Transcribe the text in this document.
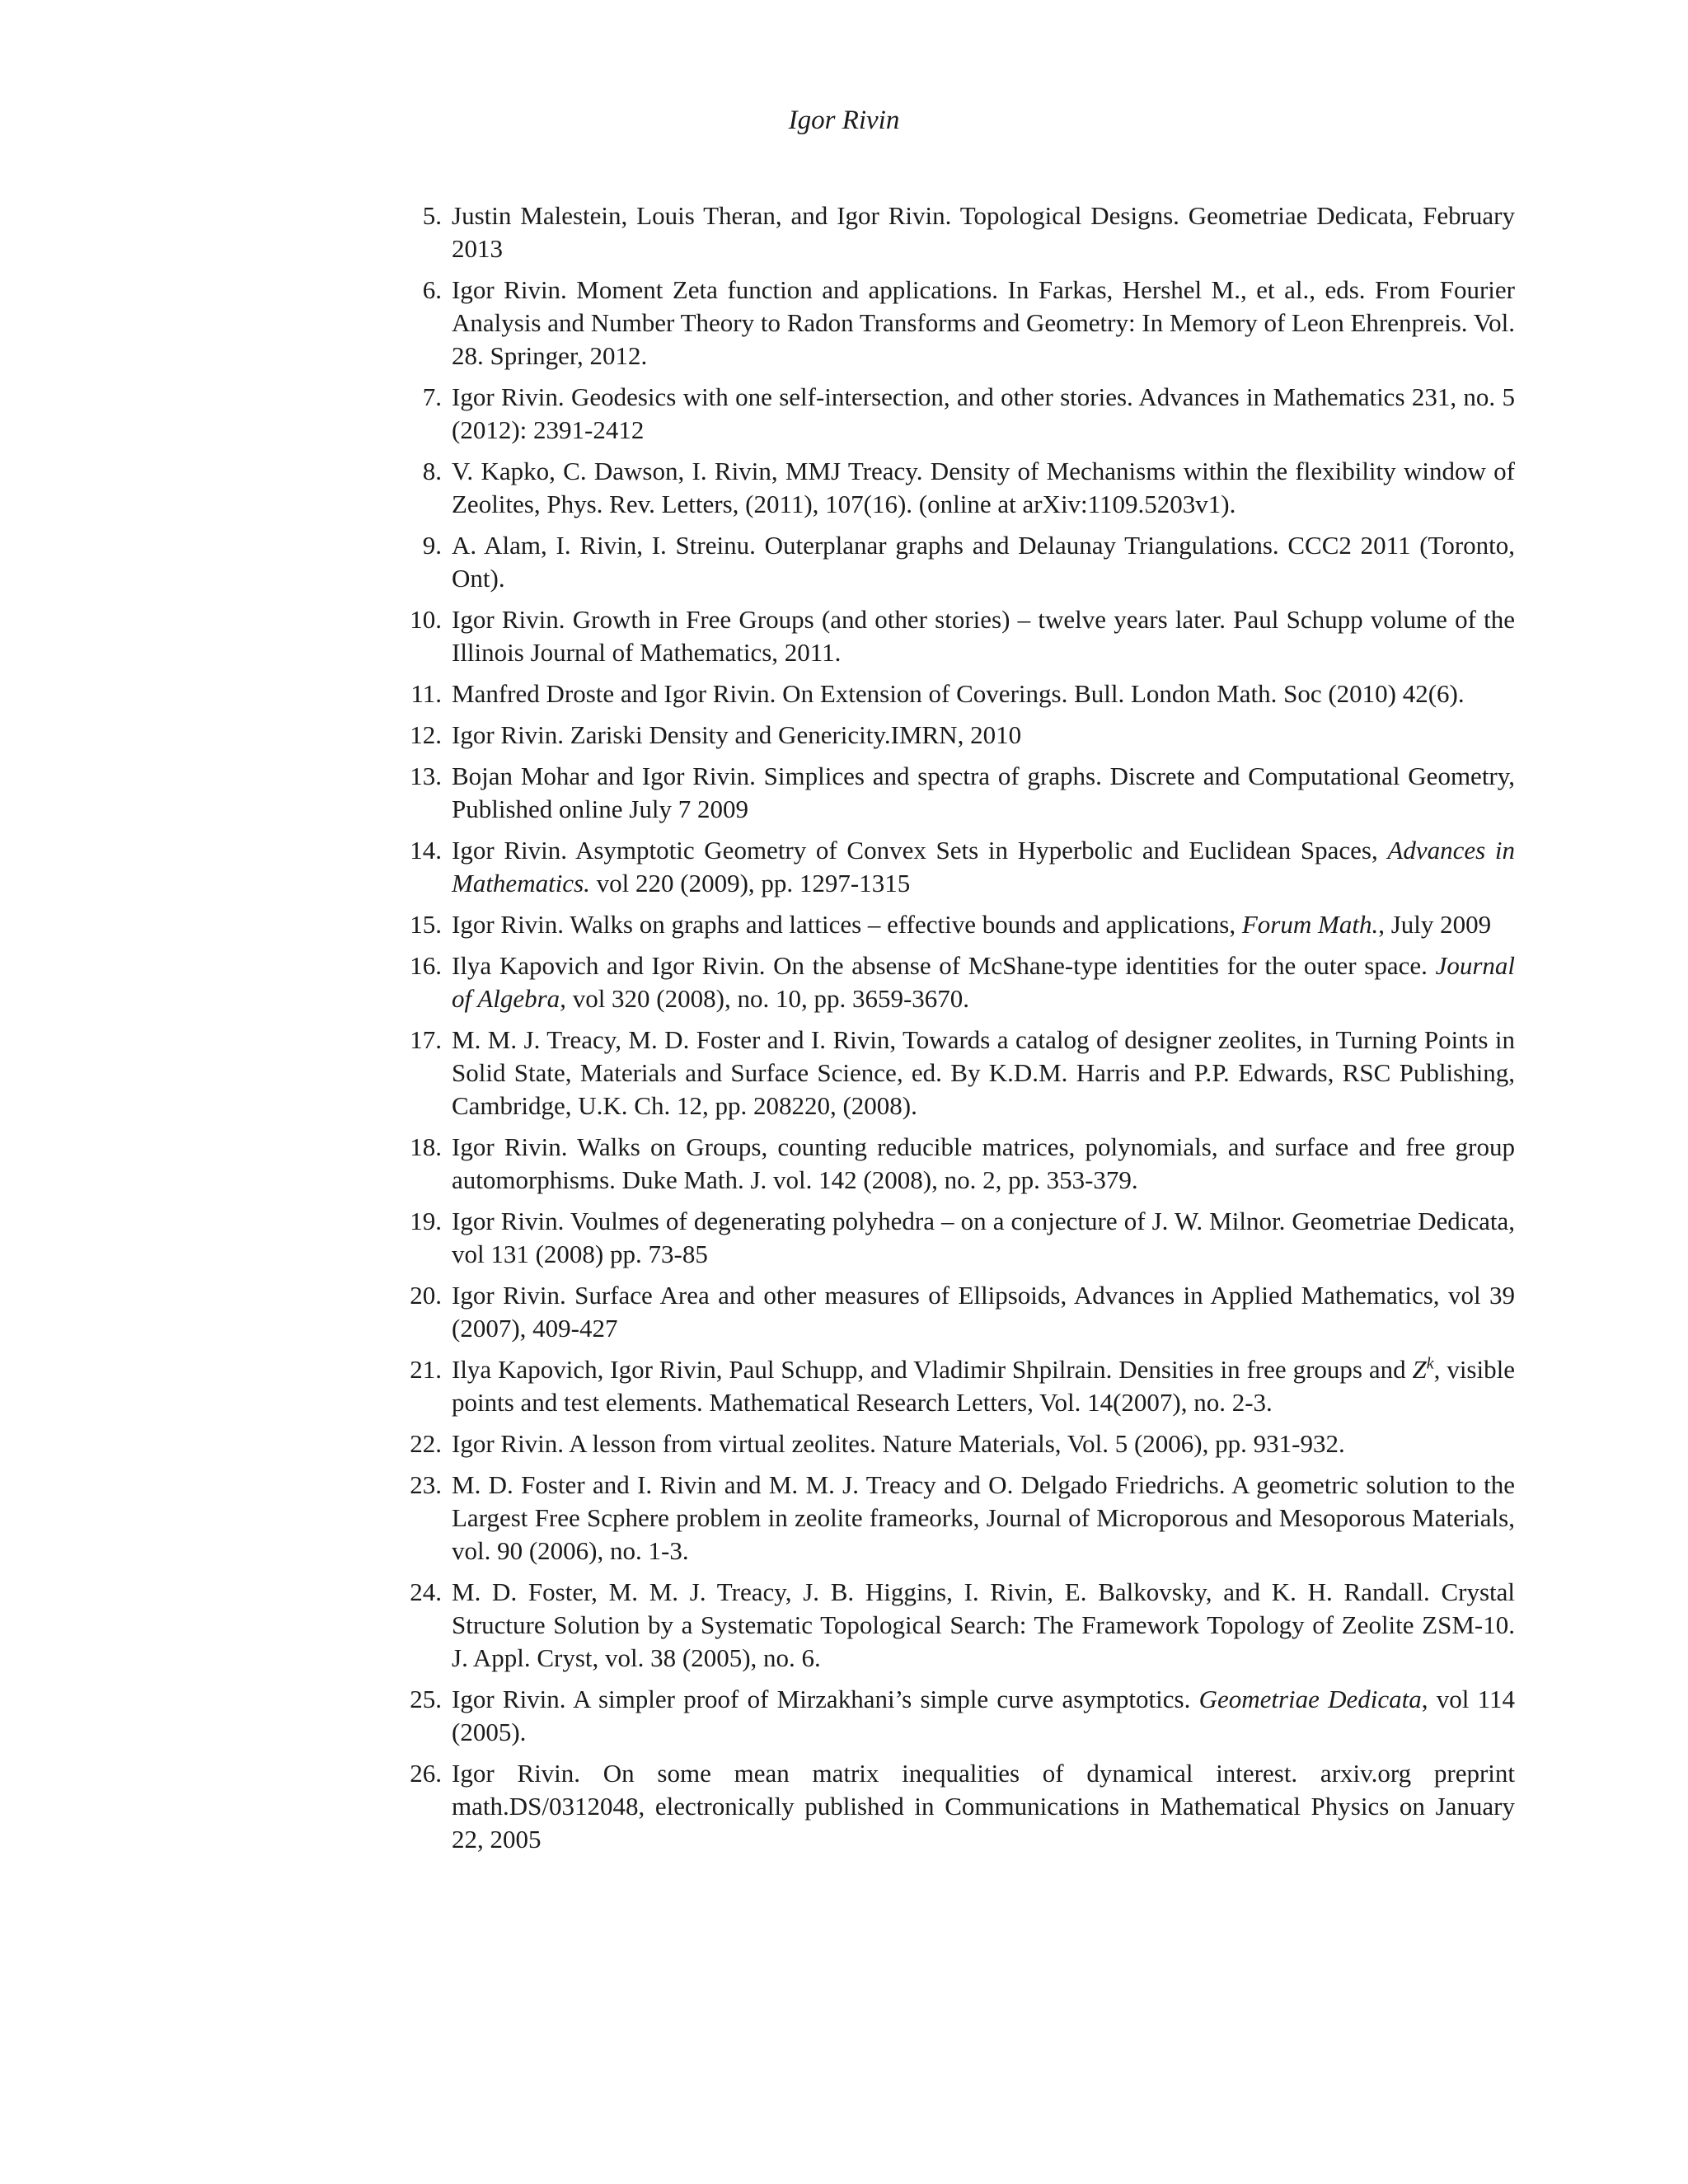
Igor Rivin
5. Justin Malestein, Louis Theran, and Igor Rivin. Topological Designs. Geometriae Dedicata, February 2013
6. Igor Rivin. Moment Zeta function and applications. In Farkas, Hershel M., et al., eds. From Fourier Analysis and Number Theory to Radon Transforms and Geometry: In Memory of Leon Ehrenpreis. Vol. 28. Springer, 2012.
7. Igor Rivin. Geodesics with one self-intersection, and other stories. Advances in Mathematics 231, no. 5 (2012): 2391-2412
8. V. Kapko, C. Dawson, I. Rivin, MMJ Treacy. Density of Mechanisms within the flexibility window of Zeolites, Phys. Rev. Letters, (2011), 107(16). (online at arXiv:1109.5203v1).
9. A. Alam, I. Rivin, I. Streinu. Outerplanar graphs and Delaunay Triangulations. CCC2 2011 (Toronto, Ont).
10. Igor Rivin. Growth in Free Groups (and other stories) – twelve years later. Paul Schupp volume of the Illinois Journal of Mathematics, 2011.
11. Manfred Droste and Igor Rivin. On Extension of Coverings. Bull. London Math. Soc (2010) 42(6).
12. Igor Rivin. Zariski Density and Genericity.IMRN, 2010
13. Bojan Mohar and Igor Rivin. Simplices and spectra of graphs. Discrete and Computational Geometry, Published online July 7 2009
14. Igor Rivin. Asymptotic Geometry of Convex Sets in Hyperbolic and Euclidean Spaces, Advances in Mathematics. vol 220 (2009), pp. 1297-1315
15. Igor Rivin. Walks on graphs and lattices – effective bounds and applications, Forum Math., July 2009
16. Ilya Kapovich and Igor Rivin. On the absense of McShane-type identities for the outer space. Journal of Algebra, vol 320 (2008), no. 10, pp. 3659-3670.
17. M. M. J. Treacy, M. D. Foster and I. Rivin, Towards a catalog of designer zeolites, in Turning Points in Solid State, Materials and Surface Science, ed. By K.D.M. Harris and P.P. Edwards, RSC Publishing, Cambridge, U.K. Ch. 12, pp. 208220, (2008).
18. Igor Rivin. Walks on Groups, counting reducible matrices, polynomials, and surface and free group automorphisms. Duke Math. J. vol. 142 (2008), no. 2, pp. 353-379.
19. Igor Rivin. Voulmes of degenerating polyhedra – on a conjecture of J. W. Milnor. Geometriae Dedicata, vol 131 (2008) pp. 73-85
20. Igor Rivin. Surface Area and other measures of Ellipsoids, Advances in Applied Mathematics, vol 39 (2007), 409-427
21. Ilya Kapovich, Igor Rivin, Paul Schupp, and Vladimir Shpilrain. Densities in free groups and $Z^k$, visible points and test elements. Mathematical Research Letters, Vol. 14(2007), no. 2-3.
22. Igor Rivin. A lesson from virtual zeolites. Nature Materials, Vol. 5 (2006), pp. 931-932.
23. M. D. Foster and I. Rivin and M. M. J. Treacy and O. Delgado Friedrichs. A geometric solution to the Largest Free Scphere problem in zeolite frameorks, Journal of Microporous and Mesoporous Materials, vol. 90 (2006), no. 1-3.
24. M. D. Foster, M. M. J. Treacy, J. B. Higgins, I. Rivin, E. Balkovsky, and K. H. Randall. Crystal Structure Solution by a Systematic Topological Search: The Framework Topology of Zeolite ZSM-10. J. Appl. Cryst, vol. 38 (2005), no. 6.
25. Igor Rivin. A simpler proof of Mirzakhani’s simple curve asymptotics. Geometriae Dedicata, vol 114 (2005).
26. Igor Rivin. On some mean matrix inequalities of dynamical interest. arxiv.org preprint math.DS/0312048, electronically published in Communications in Mathematical Physics on January 22, 2005
